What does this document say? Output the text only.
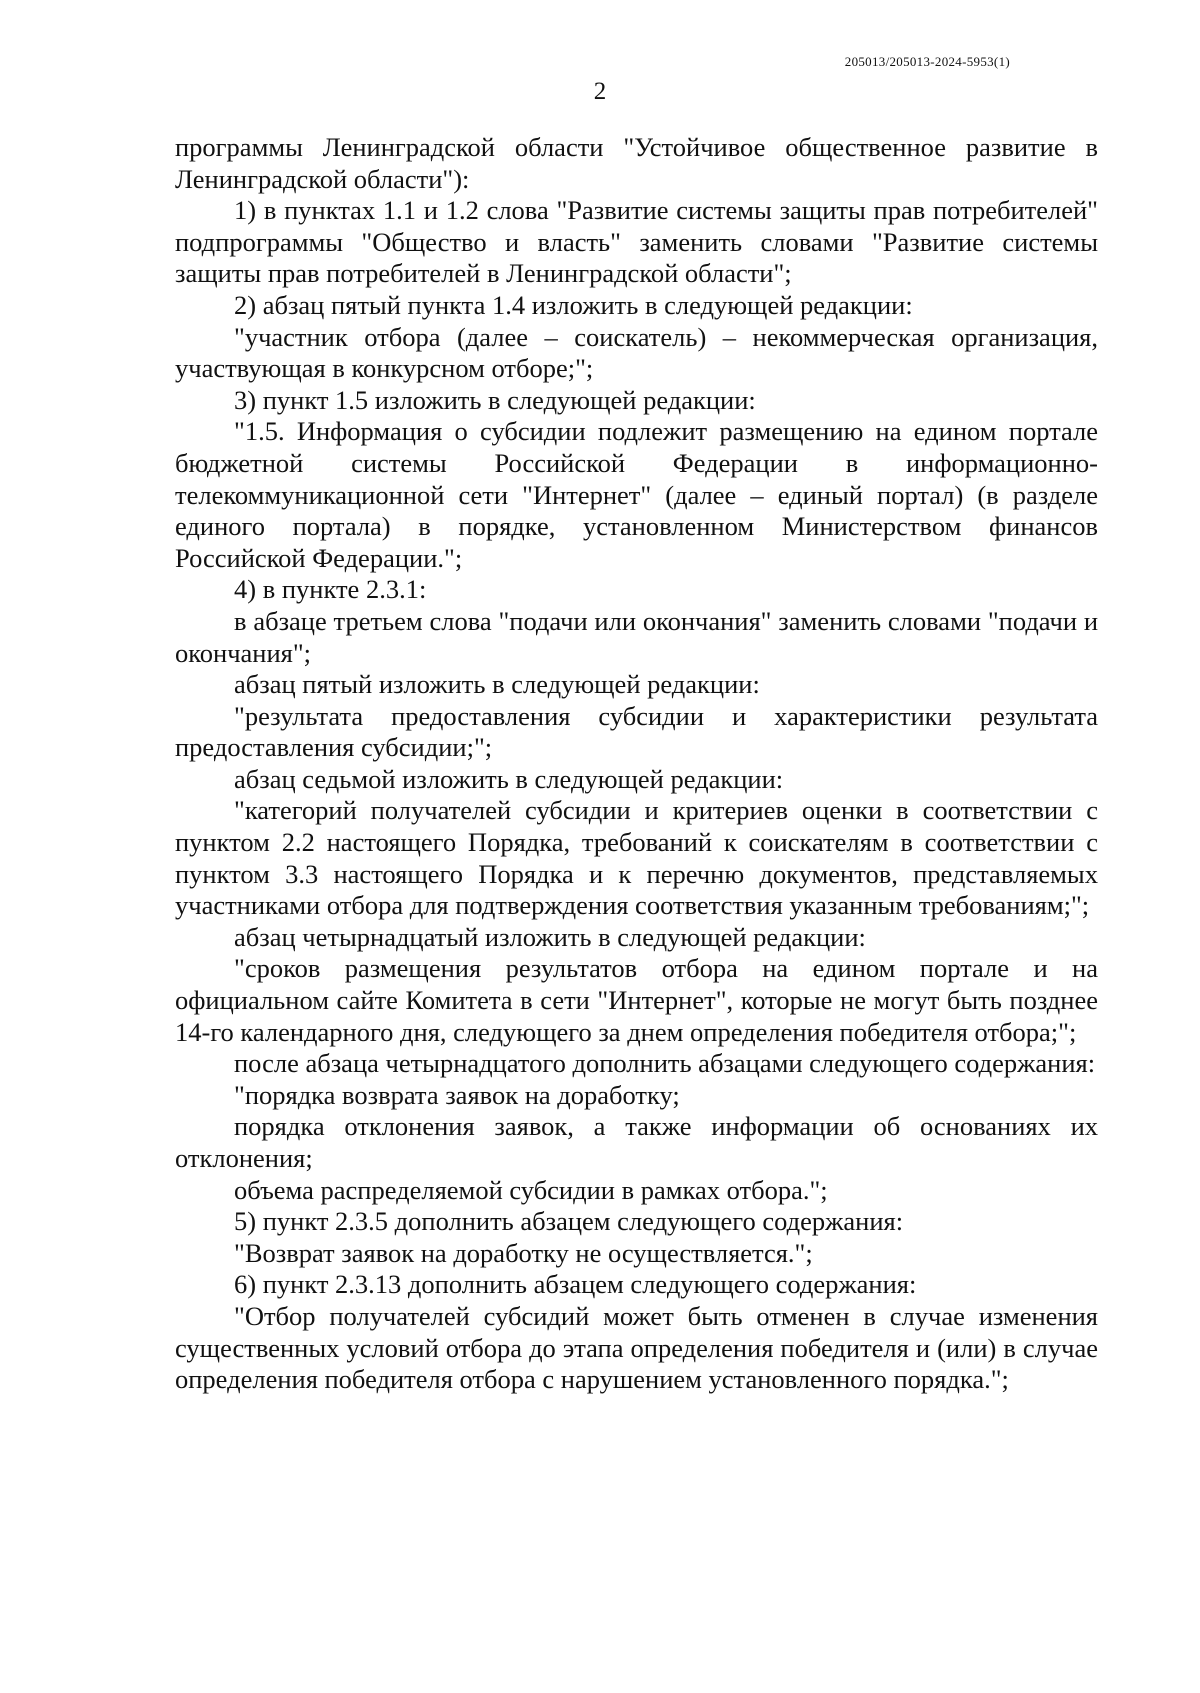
205013/205013-2024-5953(1)
2

программы Ленинградской области "Устойчивое общественное развитие в Ленинградской области"):

1) в пунктах 1.1 и 1.2 слова "Развитие системы защиты прав потребителей" подпрограммы "Общество и власть" заменить словами "Развитие системы защиты прав потребителей в Ленинградской области";

2) абзац пятый пункта 1.4 изложить в следующей редакции:

"участник отбора (далее – соискатель) – некоммерческая организация, участвующая в конкурсном отборе;";

3) пункт 1.5 изложить в следующей редакции:

"1.5. Информация о субсидии подлежит размещению на едином портале бюджетной системы Российской Федерации в информационно-телекоммуникационной сети "Интернет" (далее – единый портал) (в разделе единого портала) в порядке, установленном Министерством финансов Российской Федерации.";

4) в пункте 2.3.1:

в абзаце третьем слова "подачи или окончания" заменить словами "подачи и окончания";

абзац пятый изложить в следующей редакции:

"результата предоставления субсидии и характеристики результата предоставления субсидии;";

абзац седьмой изложить в следующей редакции:

"категорий получателей субсидии и критериев оценки в соответствии с пунктом 2.2 настоящего Порядка, требований к соискателям в соответствии с пунктом 3.3 настоящего Порядка и к перечню документов, представляемых участниками отбора для подтверждения соответствия указанным требованиям;";

абзац четырнадцатый изложить в следующей редакции:

"сроков размещения результатов отбора на едином портале и на официальном сайте Комитета в сети "Интернет", которые не могут быть позднее 14-го календарного дня, следующего за днем определения победителя отбора;";

после абзаца четырнадцатого дополнить абзацами следующего содержания:

"порядка возврата заявок на доработку;

порядка отклонения заявок, а также информации об основаниях их отклонения;

объема распределяемой субсидии в рамках отбора.";

5) пункт 2.3.5 дополнить абзацем следующего содержания:

"Возврат заявок на доработку не осуществляется.";

6) пункт 2.3.13 дополнить абзацем следующего содержания:

"Отбор получателей субсидий может быть отменен в случае изменения существенных условий отбора до этапа определения победителя и (или) в случае определения победителя отбора с нарушением установленного порядка.";
